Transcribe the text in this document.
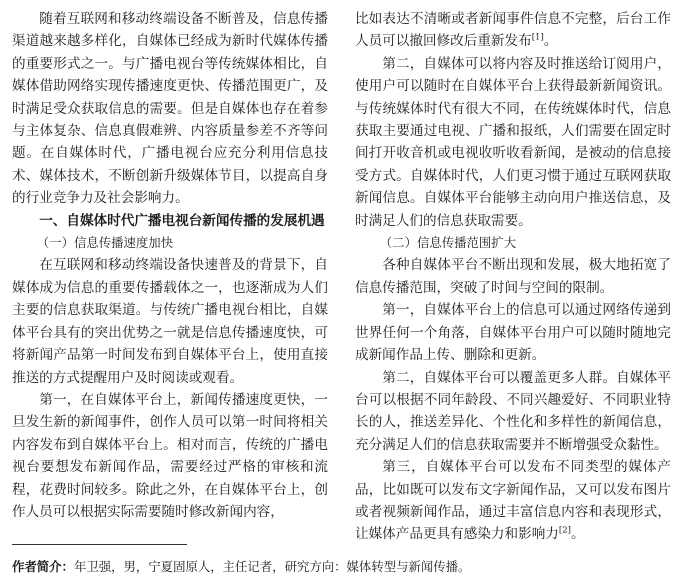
随着互联网和移动终端设备不断普及，信息传播渠道越来越多样化，自媒体已经成为新时代媒体传播的重要形式之一。与广播电视台等传统媒体相比，自媒体借助网络实现传播速度更快、传播范围更广，及时满足受众获取信息的需要。但是自媒体也存在着参与主体复杂、信息真假难辨、内容质量参差不齐等问题。在自媒体时代，广播电视台应充分利用信息技术、媒体技术，不断创新升级媒体节目，以提高自身的行业竞争力及社会影响力。

一、自媒体时代广播电视台新闻传播的发展机遇

（一）信息传播速度加快

在互联网和移动终端设备快速普及的背景下，自媒体成为信息的重要传播载体之一，也逐渐成为人们主要的信息获取渠道。与传统广播电视台相比，自媒体平台具有的突出优势之一就是信息传播速度快，可将新闻产品第一时间发布到自媒体平台上，使用直接推送的方式提醒用户及时阅读或观看。

第一，在自媒体平台上，新闻传播速度更快，一旦发生新的新闻事件，创作人员可以第一时间将相关内容发布到自媒体平台上。相对而言，传统的广播电视台要想发布新闻作品，需要经过严格的审核和流程，花费时间较多。除此之外，在自媒体平台上，创作人员可以根据实际需要随时修改新闻内容，

比如表达不清晰或者新闻事件信息不完整，后台工作人员可以撤回修改后重新发布[1]。

第二，自媒体可以将内容及时推送给订阅用户，使用户可以随时在自媒体平台上获得最新新闻资讯。与传统媒体时代有很大不同，在传统媒体时代，信息获取主要通过电视、广播和报纸，人们需要在固定时间打开收音机或电视收听收看新闻，是被动的信息接受方式。自媒体时代，人们更习惯于通过互联网获取新闻信息。自媒体平台能够主动向用户推送信息，及时满足人们的信息获取需要。

（二）信息传播范围扩大

各种自媒体平台不断出现和发展，极大地拓宽了信息传播范围，突破了时间与空间的限制。

第一，自媒体平台上的信息可以通过网络传递到世界任何一个角落，自媒体平台用户可以随时随地完成新闻作品上传、删除和更新。

第二，自媒体平台可以覆盖更多人群。自媒体平台可以根据不同年龄段、不同兴趣爱好、不同职业特长的人，推送差异化、个性化和多样性的新闻信息，充分满足人们的信息获取需要并不断增强受众黏性。

第三，自媒体平台可以发布不同类型的媒体产品，比如既可以发布文字新闻作品，又可以发布图片或者视频新闻作品，通过丰富信息内容和表现形式，让媒体产品更具有感染力和影响力[2]。

作者简介：年卫强，男，宁夏固原人，主任记者，研究方向：媒体转型与新闻传播。
